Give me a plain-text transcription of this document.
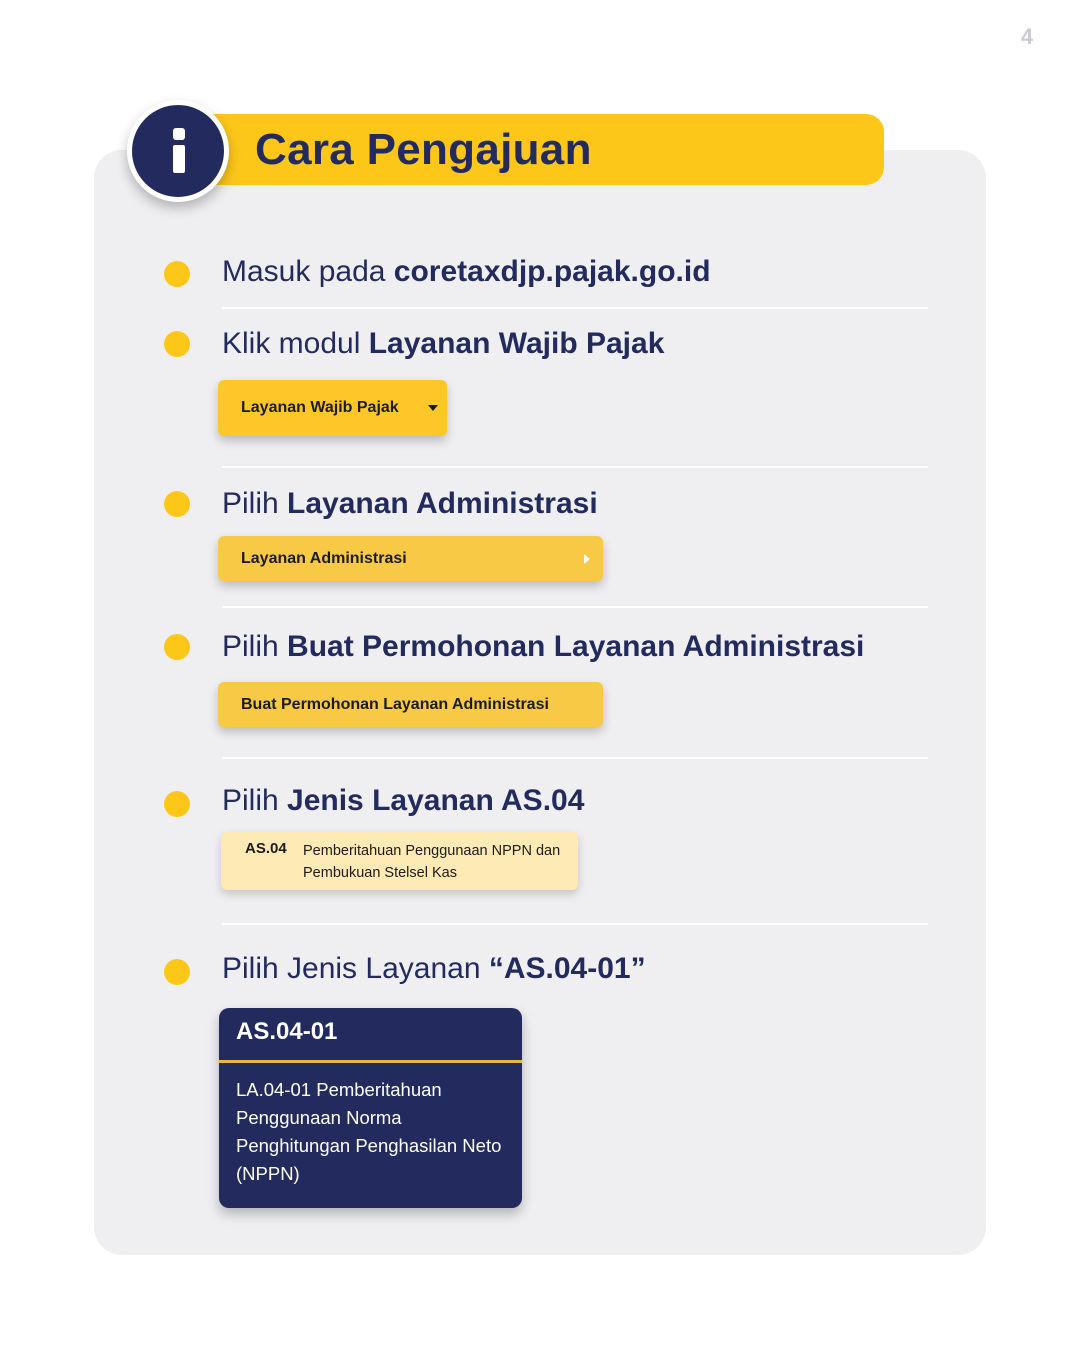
4
Cara Pengajuan
Masuk pada coretaxdjp.pajak.go.id
Klik modul Layanan Wajib Pajak
Layanan Wajib Pajak
Pilih Layanan Administrasi
Layanan Administrasi
Pilih Buat Permohonan Layanan Administrasi
Buat Permohonan Layanan Administrasi
Pilih Jenis Layanan AS.04
AS.04 Pemberitahuan Penggunaan NPPN dan Pembukuan Stelsel Kas
Pilih Jenis Layanan “AS.04-01”
AS.04-01
LA.04-01 Pemberitahuan Penggunaan Norma Penghitungan Penghasilan Neto (NPPN)
